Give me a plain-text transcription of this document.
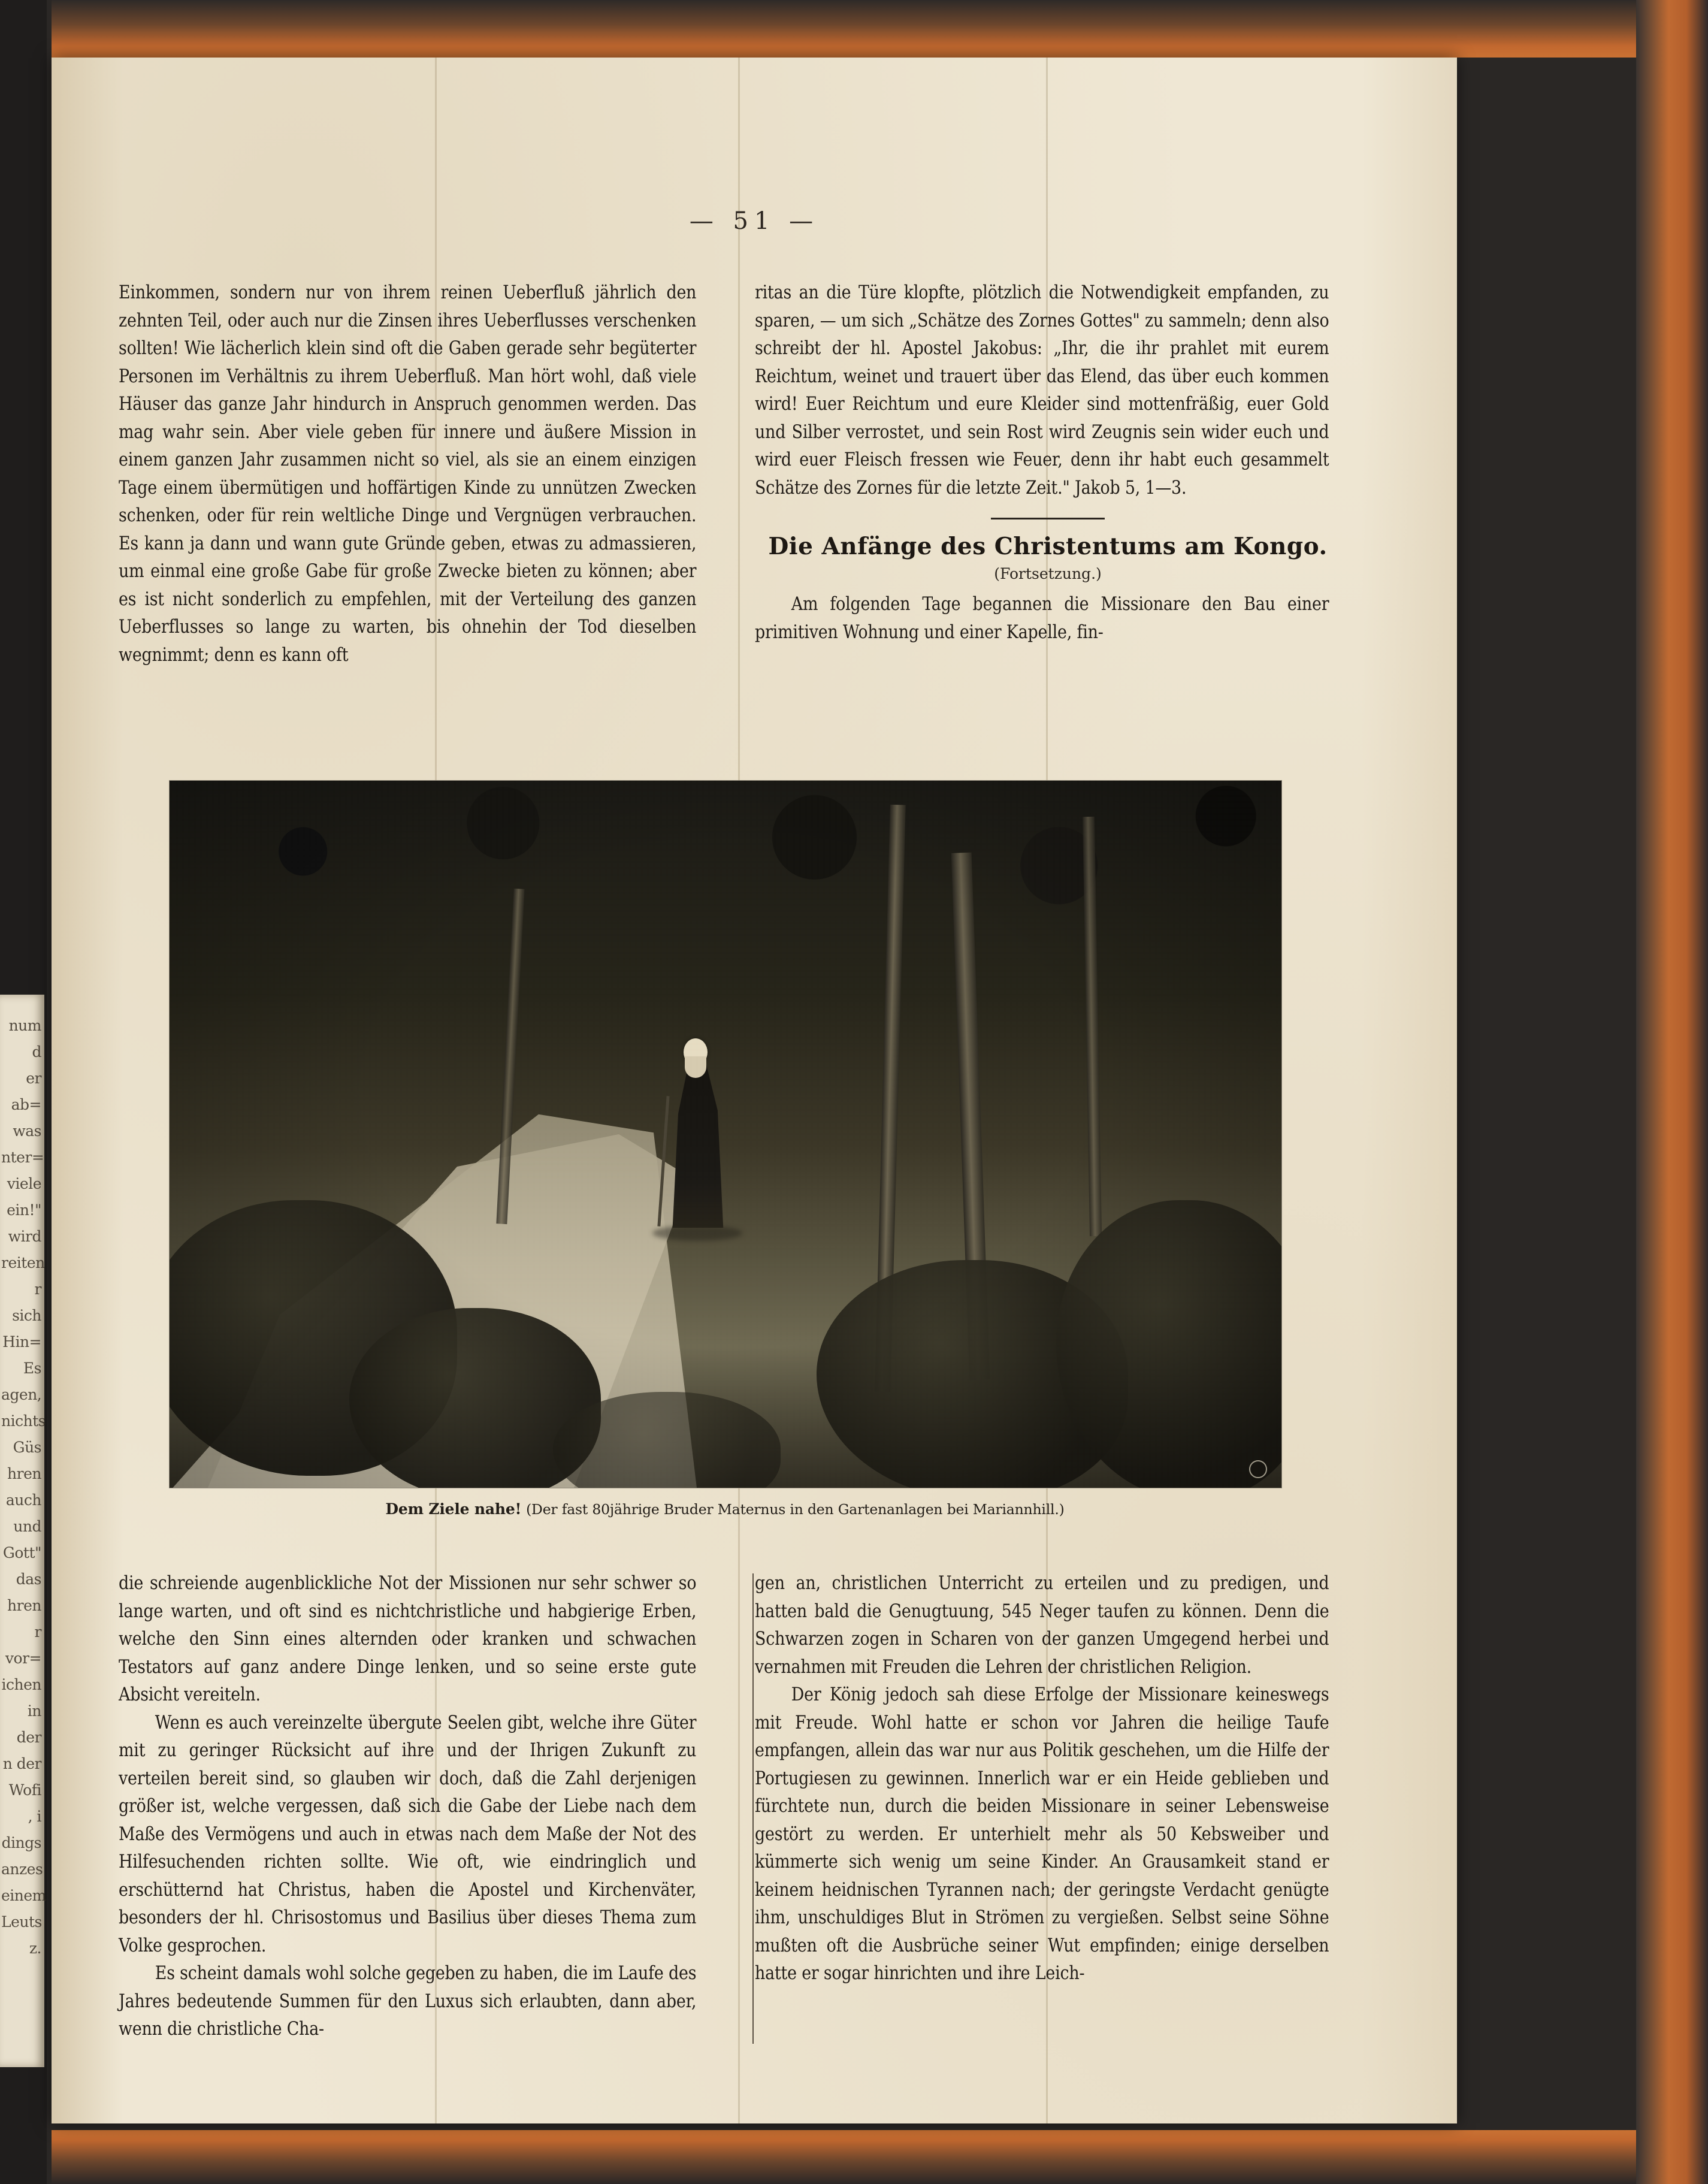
num
d
er
ab=
was
nter=
viele
ein!"
wird
reiten
r sich
Hin=
Es
agen,
nichts
Güs
hren
auch
und
Gott"
das
hren
r vor=
ichen
in der
n der
Wofi
, i
dings
anzes
einem
Leuts
z.
— 51 —

Einkommen, sondern nur von ihrem reinen Ueberfluß jährlich den zehnten Teil, oder auch nur die Zinsen ihres Ueberflusses verschenken sollten! Wie lächerlich klein sind oft die Gaben gerade sehr begüterter Personen im Verhältnis zu ihrem Ueberfluß. Man hört wohl, daß viele Häuser das ganze Jahr hindurch in Anspruch genommen werden. Das mag wahr sein. Aber viele geben für innere und äußere Mission in einem ganzen Jahr zusammen nicht so viel, als sie an einem einzigen Tage einem übermütigen und hoffärtigen Kinde zu unnützen Zwecken schenken, oder für rein weltliche Dinge und Vergnügen verbrauchen. Es kann ja dann und wann gute Gründe geben, etwas zu admassieren, um einmal eine große Gabe für große Zwecke bieten zu können; aber es ist nicht sonderlich zu empfehlen, mit der Verteilung des ganzen Ueberflusses so lange zu warten, bis ohnehin der Tod dieselben wegnimmt; denn es kann oft

ritas an die Türe klopfte, plötzlich die Notwendigkeit empfanden, zu sparen, — um sich „Schätze des Zornes Gottes" zu sammeln; denn also schreibt der hl. Apostel Jakobus: „Ihr, die ihr prahlet mit eurem Reichtum, weinet und trauert über das Elend, das über euch kommen wird! Euer Reichtum und eure Kleider sind mottenfräßig, euer Gold und Silber verrostet, und sein Rost wird Zeugnis sein wider euch und wird euer Fleisch fressen wie Feuer, denn ihr habt euch gesammelt Schätze des Zornes für die letzte Zeit." Jakob 5, 1—3.

Die Anfänge des Christentums am Kongo.
(Fortsetzung.)

Am folgenden Tage begannen die Missionare den Bau einer primitiven Wohnung und einer Kapelle, fin-

Dem Ziele nahe! (Der fast 80jährige Bruder Maternus in den Gartenanlagen bei Mariannhill.)

die schreiende augenblickliche Not der Missionen nur sehr schwer so lange warten, und oft sind es nichtchristliche und habgierige Erben, welche den Sinn eines alternden oder kranken und schwachen Testators auf ganz andere Dinge lenken, und so seine erste gute Absicht vereiteln.

Wenn es auch vereinzelte übergute Seelen gibt, welche ihre Güter mit zu geringer Rücksicht auf ihre und der Ihrigen Zukunft zu verteilen bereit sind, so glauben wir doch, daß die Zahl derjenigen größer ist, welche vergessen, daß sich die Gabe der Liebe nach dem Maße des Vermögens und auch in etwas nach dem Maße der Not des Hilfesuchenden richten sollte. Wie oft, wie eindringlich und erschütternd hat Christus, haben die Apostel und Kirchenväter, besonders der hl. Chrisostomus und Basilius über dieses Thema zum Volke gesprochen.

Es scheint damals wohl solche gegeben zu haben, die im Laufe des Jahres bedeutende Summen für den Luxus sich erlaubten, dann aber, wenn die christliche Cha-

gen an, christlichen Unterricht zu erteilen und zu predigen, und hatten bald die Genugtuung, 545 Neger taufen zu können. Denn die Schwarzen zogen in Scharen von der ganzen Umgegend herbei und vernahmen mit Freuden die Lehren der christlichen Religion.

Der König jedoch sah diese Erfolge der Missionare keineswegs mit Freude. Wohl hatte er schon vor Jahren die heilige Taufe empfangen, allein das war nur aus Politik geschehen, um die Hilfe der Portugiesen zu gewinnen. Innerlich war er ein Heide geblieben und fürchtete nun, durch die beiden Missionare in seiner Lebensweise gestört zu werden. Er unterhielt mehr als 50 Kebsweiber und kümmerte sich wenig um seine Kinder. An Grausamkeit stand er keinem heidnischen Tyrannen nach; der geringste Verdacht genügte ihm, unschuldiges Blut in Strömen zu vergießen. Selbst seine Söhne mußten oft die Ausbrüche seiner Wut empfinden; einige derselben hatte er sogar hinrichten und ihre Leich-
